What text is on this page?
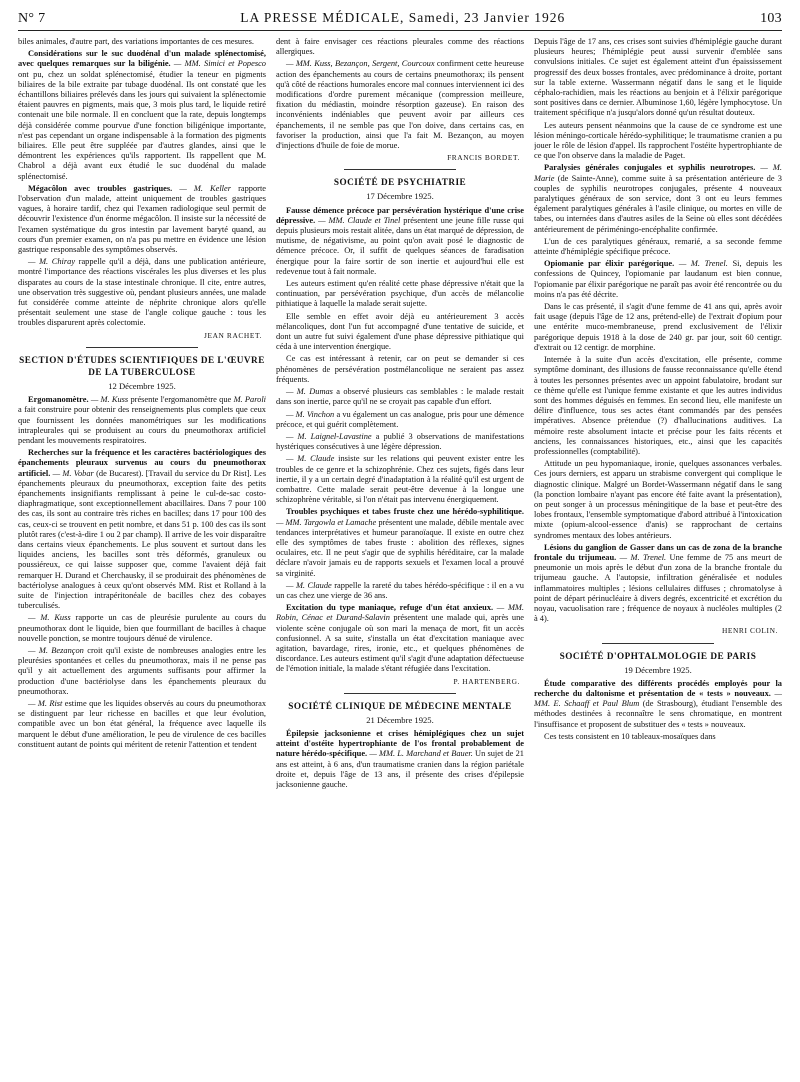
N° 7	LA PRESSE MÉDICALE, Samedi, 23 Janvier 1926	103

biles animales, d'autre part, des variations importantes de ces mesures.

Considérations sur le suc duodénal d'un malade splénectomisé, avec quelques remarques sur la biligénie. — MM. Simici et Popesco ont pu, chez un soldat splénectomisé, étudier la teneur en pigments biliaires de la bile extraite par tubage duodénal. Ils ont constaté que les échantillons biliaires prélevés dans les jours qui suivaient la splénectomie étaient pauvres en pigments, mais que, 3 mois plus tard, le liquide retiré contenait une bile normale. Il en concluent que la rate, depuis longtemps déjà considérée comme pourvue d'une fonction biligénique importante, n'est pas cependant un organe indispensable à la formation des pigments biliaires. Elle peut être suppléée par d'autres glandes, ainsi que le démontrent les expériences qu'ils rapportent. Ils rappellent que M. Chabrol a déjà avant eux étudié le suc duodénal du malade splénectomisé.

Mégacôlon avec troubles gastriques. — M. Keller rapporte l'observation d'un malade, atteint uniquement de troubles gastriques vagues, à horaire tardif, chez qui l'examen radiologique seul permit de découvrir l'existence d'un énorme mégacôlon. Il insiste sur la nécessité de l'examen systématique du gros intestin par lavement baryté quand, au cours d'un premier examen, on n'a pas pu mettre en évidence une lésion gastrique responsable des symptômes observés.

— M. Chiray rappelle qu'il a déjà, dans une publication antérieure, montré l'importance des réactions viscérales les plus diverses et les plus disparates au cours de la stase intestinale chronique. Il cite, entre autres, une observation très suggestive où, pendant plusieurs années, une malade fut considérée comme atteinte de néphrite chronique alors qu'elle présentait seulement une stase de l'angle colique gauche : tous les troubles disparurent après colectomie.

JEAN RACHET.
SECTION D'ÉTUDES SCIENTIFIQUES DE L'ŒUVRE DE LA TUBERCULOSE
12 Décembre 1925.

Ergomanomètre. — M. Kuss présente l'ergomanomètre que M. Paroli a fait construire pour obtenir des renseignements plus complets que ceux que fournissent les données manométriques sur les modifications intrapleurales qui se produisent au cours du pneumothorax artificiel pendant les mouvements respiratoires.

Recherches sur la fréquence et les caractères bactériologiques des épanchements pleuraux survenus au cours du pneumothorax artificiel. — M. Vobar (de Bucarest). [Travail du service du Dr Rist]. Les épanchements pleuraux du pneumothorax, exception faite des petits épanchements insignifiants remplissant à peine le cul-de-sac costo-diaphragmatique, sont exceptionnellement abacillaires. Dans 7 pour 100 des cas, ils sont au contraire très riches en bacilles; dans 17 pour 100 des cas, ceux-ci se trouvent en petit nombre, et dans 51 p. 100 des cas ils sont plutôt rares (c'est-à-dire 1 ou 2 par champ). Il arrive de les voir disparaître dans certains vieux épanchements. Le plus souvent et surtout dans les liquides anciens, les bacilles sont très déformés, granuleux ou poussiéreux, ce qui laisse supposer que, comme l'avaient déjà fait remarquer H. Durand et Cherchausky, il se produirait des phénomènes de bactériolyse analogues à ceux qu'ont observés MM. Rist et Rolland à la suite de l'injection intrapéritonéale de bacilles chez des cobayes tuberculisés.

— M. Kuss rapporte un cas de pleurésie purulente au cours du pneumothorax dont le liquide, bien que fourmillant de bacilles à chaque nouvelle ponction, se montre toujours dénué de virulence.

— M. Bezançon croit qu'il existe de nombreuses analogies entre les pleurésies spontanées et celles du pneumothorax, mais il ne pense pas qu'il y ait actuellement des arguments suffisants pour affirmer la production d'une bactériolyse dans les épanchements pleuraux du pneumothorax.

— M. Rist estime que les liquides observés au cours du pneumothorax se distinguent par leur richesse en bacilles et que leur évolution, compatible avec un bon état général, la fréquence avec laquelle ils marquent le début d'une amélioration, le peu de virulence de ces bacilles constituent autant de points qui méritent de retenir l'attention et tendent

dent à faire envisager ces réactions pleurales comme des réactions allergiques.

— MM. Kuss, Bezançon, Sergent, Courcoux confirment cette heureuse action des épanchements au cours de certains pneumothorax; ils pensent qu'à côté de réactions humorales encore mal connues interviennent ici des modifications d'ordre purement mécanique (compression meilleure, fixation du médiastin, moindre résorption gazeuse). En raison des inconvénients indéniables que peuvent avoir par ailleurs ces épanchements, il ne semble pas que l'on doive, dans certains cas, en favoriser la production, ainsi que l'a fait M. Bezançon, au moyen d'injections d'huile de foie de morue.

FRANCIS BORDET.
SOCIÉTÉ DE PSYCHIATRIE
17 Décembre 1925.

Fausse démence précoce par persévération hystérique d'une crise dépressive. — MM. Claude et Tinel présentent une jeune fille russe qui depuis plusieurs mois restait alitée, dans un état marqué de dépression, de mutisme, de négativisme, au point qu'on avait posé le diagnostic de démence précoce. Or, il suffit de quelques séances de faradisation énergique pour la faire sortir de son inertie et aujourd'hui elle est redevenue tout à fait normale.

Les auteurs estiment qu'en réalité cette phase dépressive n'était que la continuation, par persévération psychique, d'un accès de mélancolie pithiatique à laquelle la malade serait sujette.

Elle semble en effet avoir déjà eu antérieurement 3 accès mélancoliques, dont l'un fut accompagné d'une tentative de suicide, et dont un autre fut suivi également d'une phase dépressive pithiatique qui céda à une intervention énergique.

Ce cas est intéressant à retenir, car on peut se demander si ces phénomènes de persévération postmélancolique ne seraient pas assez fréquents.

— M. Dumas a observé plusieurs cas semblables : le malade restait dans son inertie, parce qu'il ne se croyait pas capable d'un effort.

— M. Vinchon a vu également un cas analogue, pris pour une démence précoce, et qui guérit complètement.

— M. Laignel-Lavastine a publié 3 observations de manifestations hystériques consécutives à une légère dépression.

— M. Claude insiste sur les relations qui peuvent exister entre les troubles de ce genre et la schizophrénie. Chez ces sujets, figés dans leur inertie, il y a un certain degré d'inadaptation à la réalité qu'il est urgent de combattre. Cette malade serait peut-être devenue à la longue une schizophrène véritable, si l'on n'était pas intervenu énergiquement.

Troubles psychiques et tabes fruste chez une hérédo-syphilitique. — MM. Targowla et Lamache présentent une malade, débile mentale avec tendances interprétatives et humeur paranoïaque. Il existe en outre chez elle des symptômes de tabes fruste : abolition des réflexes, signes oculaires, etc. Il ne peut s'agir que de syphilis héréditaire, car la malade déclare n'avoir jamais eu de rapports sexuels et l'examen local a prouvé sa virginité.

— M. Claude rappelle la rareté du tabes hérédo-spécifique : il en a vu un cas chez une vierge de 36 ans.

Excitation du type maniaque, refuge d'un état anxieux. — MM. Robin, Cénac et Durand-Salavin présentent une malade qui, après une violente scène conjugale où son mari la menaça de mort, fit un accès confusionnel. A sa suite, s'installa un état d'excitation maniaque avec agitation, bavardage, rires, ironie, etc., et quelques phénomènes de discordance. Les auteurs estiment qu'il s'agit d'une adaptation défectueuse de l'émotion initiale, la malade s'étant réfugiée dans l'excitation.

P. HARTENBERG.
SOCIÉTÉ CLINIQUE DE MÉDECINE MENTALE
21 Décembre 1925.

Épilepsie jacksonienne et crises hémiplégiques chez un sujet atteint d'ostéite hypertrophiante de l'os frontal probablement de nature hérédo-spécifique. — MM. L. Marchand et Bauer. Un sujet de 21 ans est atteint, à 6 ans, d'un traumatisme cranien dans la région pariétale droite et, depuis l'âge de 13 ans, il présente des crises d'épilepsie jacksonienne gauche.

Depuis l'âge de 17 ans, ces crises sont suivies d'hémiplégie gauche durant plusieurs heures; l'hémiplégie peut aussi survenir d'emblée sans convulsions initiales. Ce sujet est également atteint d'un épaississement progressif des deux bosses frontales, avec prédominance à droite, portant sur la table externe. Wassermann négatif dans le sang et le liquide céphalo-rachidien, mais les réactions au benjoin et à l'élixir parégorique sont positives dans ce dernier. Albuminose 1,60, légère lymphocytose. Un traitement spécifique n'a jusqu'alors donné qu'un résultat douteux.

Les auteurs pensent néanmoins que la cause de ce syndrome est une lésion méningo-corticale hérédo-syphilitique; le traumatisme cranien a pu jouer le rôle de lésion d'appel. Ils rapprochent l'ostéite hypertrophiante de ce que l'on observe dans la maladie de Paget.

Paralysies générales conjugales et syphilis neurotropes. — M. Marie (de Sainte-Anne), comme suite à sa présentation antérieure de 3 couples de syphilis neurotropes conjugales, présente 4 nouveaux paralytiques généraux de son service, dont 3 ont eu leurs femmes également paralytiques générales à l'asile clinique, ou mortes en ville de tabes, ou internées dans d'autres asiles de la Seine où elles sont décédées antérieurement de périméningo-encéphalite confirmée.

L'un de ces paralytiques généraux, remarié, a sa seconde femme atteinte d'hémiplégie spécifique précoce.

Opiomanie par élixir parégorique. — M. Trenel. Si, depuis les confessions de Quincey, l'opiomanie par laudanum est bien connue, l'opiomanie par élixir parégorique ne paraît pas avoir été rencontrée ou du moins n'a pas été décrite.

Dans le cas présenté, il s'agit d'une femme de 41 ans qui, après avoir fait usage (depuis l'âge de 12 ans, prétend-elle) de l'extrait d'opium pour une entérite muco-membraneuse, prend exclusivement de l'élixir parégorique depuis 1918 à la dose de 240 gr. par jour, soit 60 centigr. d'extrait ou 12 centigr. de morphine.

Internée à la suite d'un accès d'excitation, elle présente, comme symptôme dominant, des illusions de fausse reconnaissance qu'elle étend à toutes les personnes présentes avec un appoint fabulatoire, brodant sur ce thème qu'elle est l'unique femme existante et que les autres individus sont des hommes déguisés en femmes. En second lieu, elle manifeste un délire d'influence, tous ses actes étant commandés par des pensées impératives. Absence prétendue (?) d'hallucinations auditives. La mémoire reste absolument intacte et précise pour les faits récents et anciens, les connaissances historiques, etc., ainsi que les capacités professionnelles (comptabilité).

Attitude un peu hypomaniaque, ironie, quelques assonances verbales. Ces jours derniers, est apparu un strabisme convergent qui complique le diagnostic clinique. Malgré un Bordet-Wassermann négatif dans le sang (la ponction lombaire n'ayant pas encore été faite avant la présentation), on peut songer à un processus méningitique de la base et peut-être des lobes frontaux, l'ensemble symptomatique d'abord attribué à l'intoxication mixte (opium-alcool-essence d'anis) se rapprochant de certains syndromes mentaux des lobes antérieurs.

Lésions du ganglion de Gasser dans un cas de zona de la branche frontale du trijumeau. — M. Trenel. Une femme de 75 ans meurt de pneumonie un mois après le début d'un zona de la branche frontale du trijumeau gauche. A l'autopsie, infiltration généralisée et nodules inflammatoires multiples ; lésions cellulaires diffuses ; chromatolyse à point de départ périnucléaire à divers degrés, excentricité et excrétion du noyau, vacuolisation rare ; fréquence de noyaux à nucléoles multiples (2 à 4).

HENRI COLIN.
SOCIÉTÉ D'OPHTALMOLOGIE DE PARIS
19 Décembre 1925.

Étude comparative des différents procédés employés pour la recherche du daltonisme et présentation de « tests » nouveaux. — MM. E. Schaaff et Paul Blum (de Strasbourg), étudiant l'ensemble des méthodes destinées à reconnaître le sens chromatique, en montrent l'insuffisance et proposent de substituer des « tests » nouveaux.

Ces tests consistent en 10 tableaux-mosaïques dans
